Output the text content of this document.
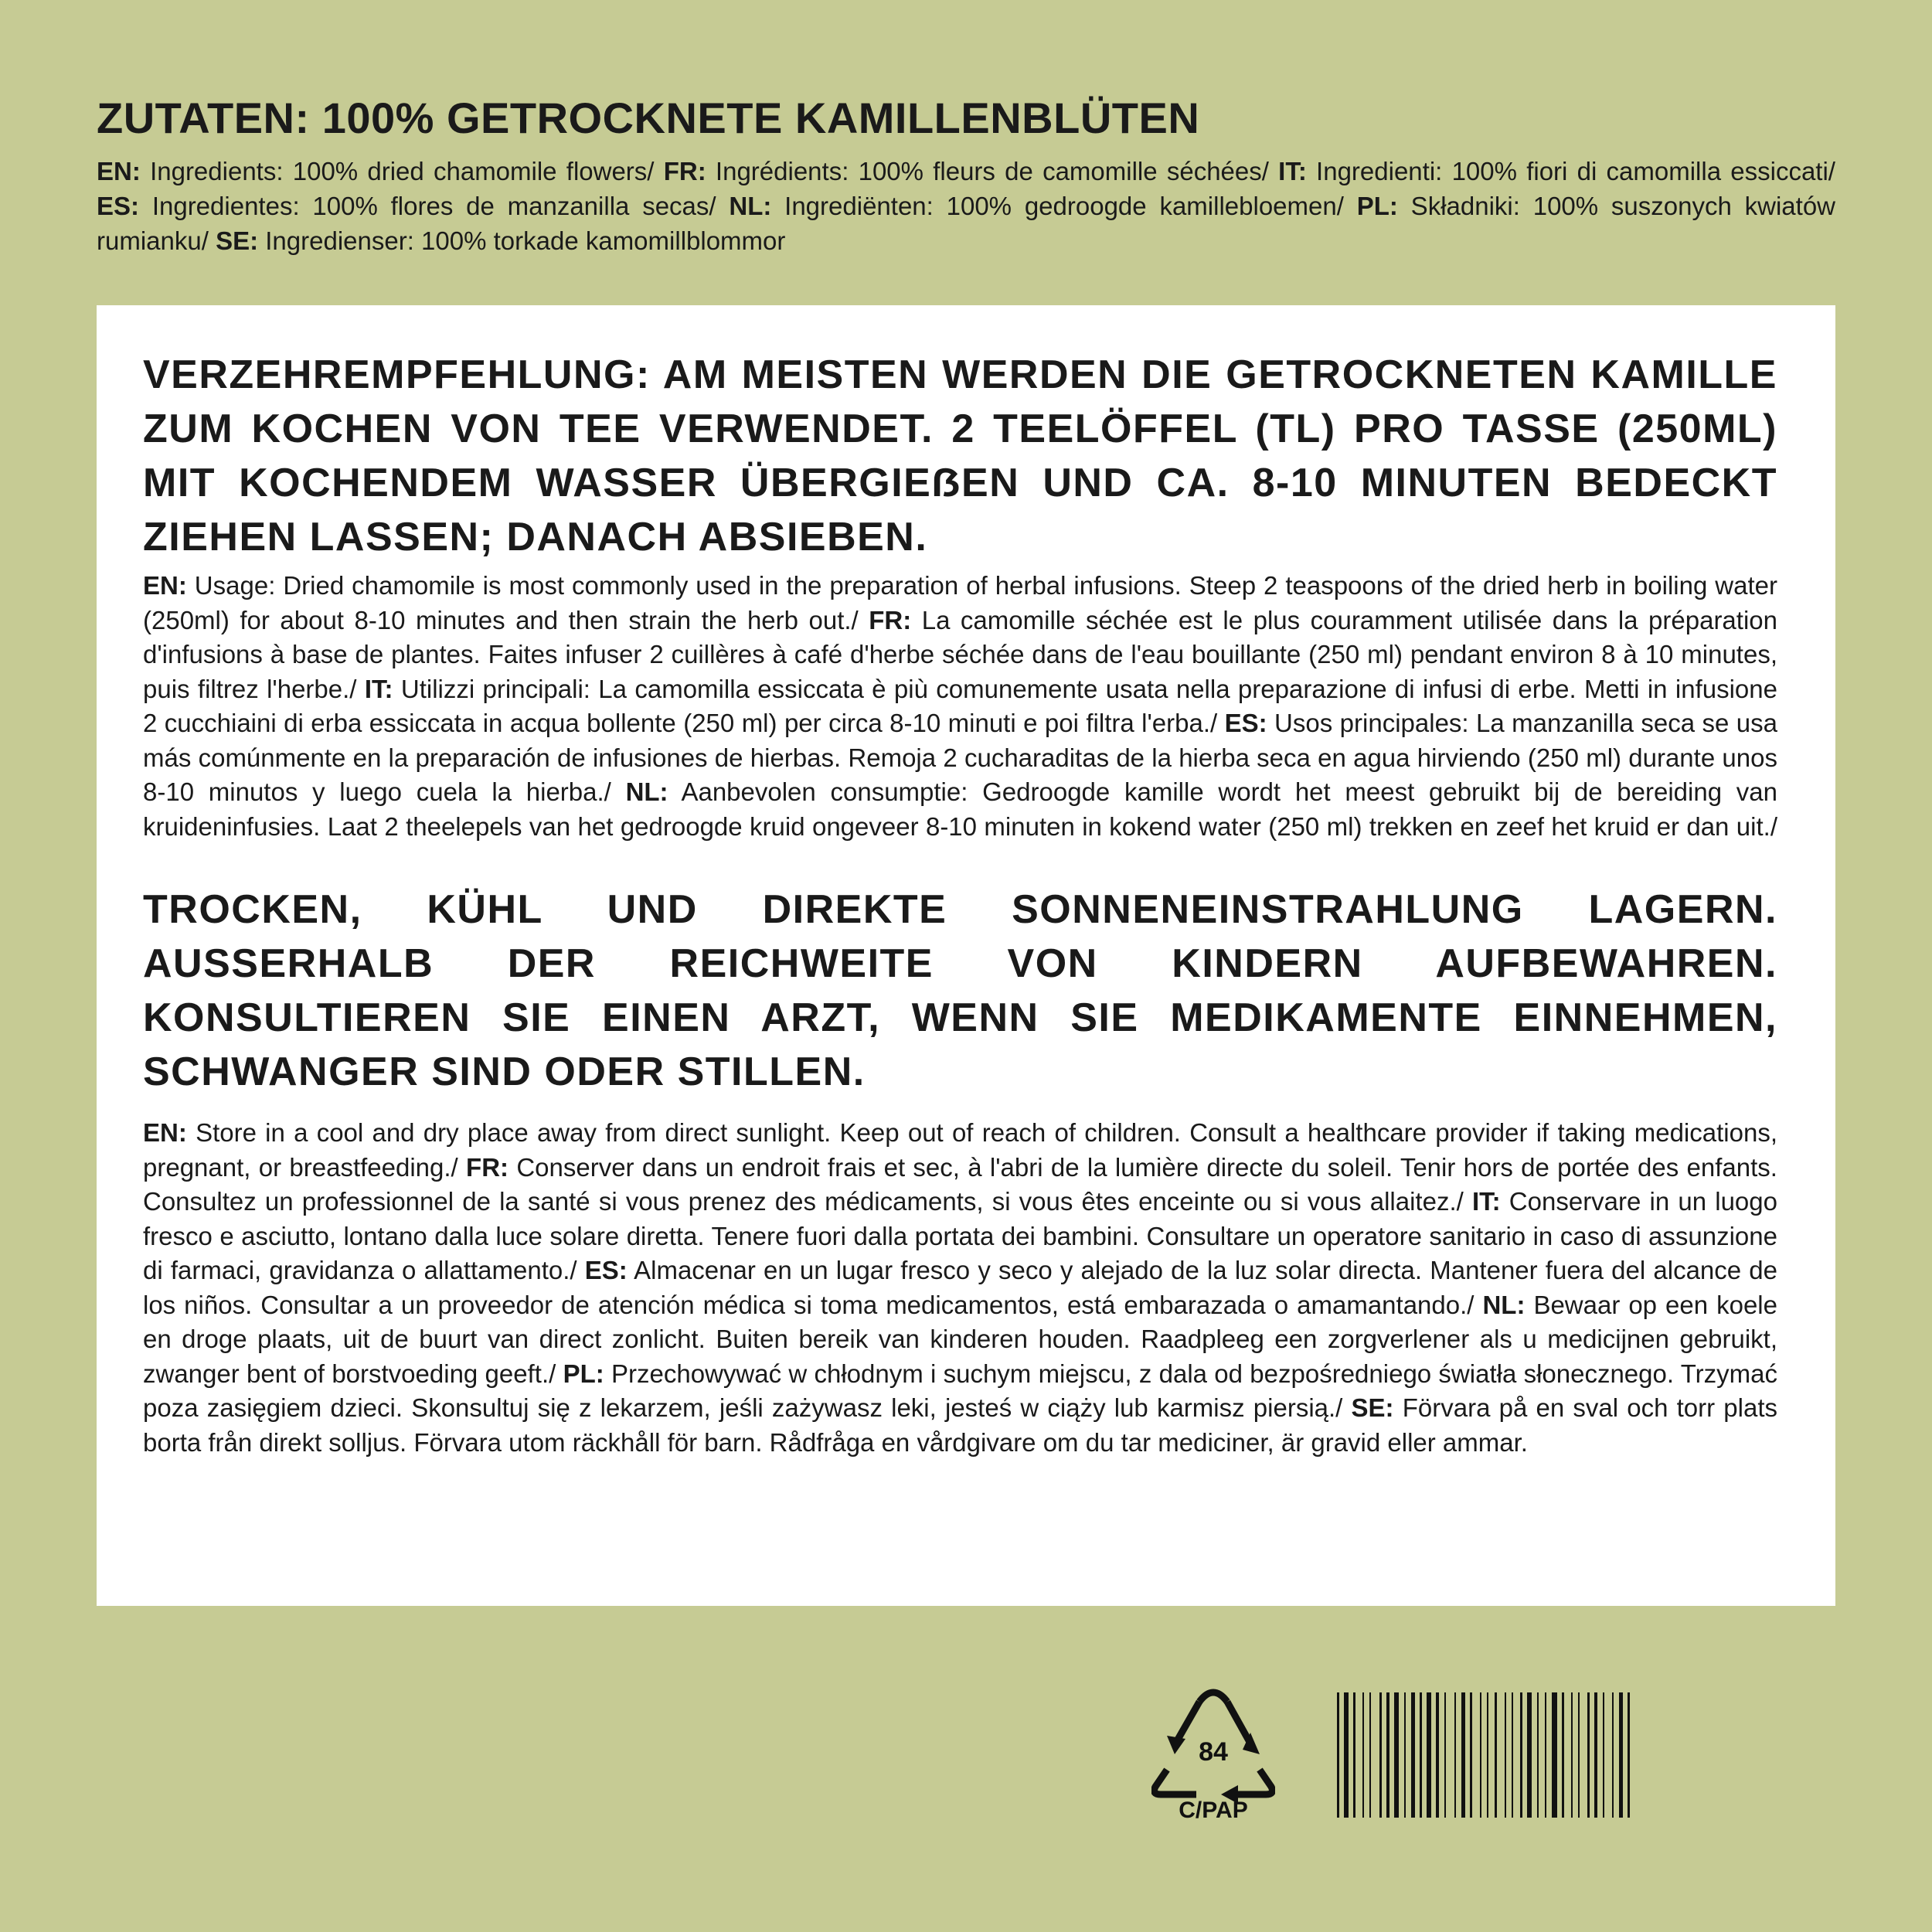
ZUTATEN: 100% GETROCKNETE KAMILLENBLÜTEN

EN: Ingredients: 100% dried chamomile flowers/ FR: Ingrédients: 100% fleurs de camomille séchées/ IT: Ingredienti: 100% fiori di camomilla essiccati/ ES: Ingredientes: 100% flores de manzanilla secas/ NL: Ingrediënten: 100% gedroogde kamillebloemen/ PL: Składniki: 100% suszonych kwiatów rumianku/ SE: Ingredienser: 100% torkade kamomillblommor

VERZEHREMPFEHLUNG: AM MEISTEN WERDEN DIE GETROCKNETEN KAMILLE ZUM KOCHEN VON TEE VERWENDET. 2 TEELÖFFEL (TL) PRO TASSE (250ML) MIT KOCHENDEM WASSER ÜBERGIEẞEN UND CA. 8-10 MINUTEN BEDECKT ZIEHEN LASSEN; DANACH ABSIEBEN.

EN: Usage: Dried chamomile is most commonly used in the preparation of herbal infusions. Steep 2 teaspoons of the dried herb in boiling water (250ml) for about 8-10 minutes and then strain the herb out./ FR: La camomille séchée est le plus couramment utilisée dans la préparation d'infusions à base de plantes. Faites infuser 2 cuillères à café d'herbe séchée dans de l'eau bouillante (250 ml) pendant environ 8 à 10 minutes, puis filtrez l'herbe./ IT: Utilizzi principali: La camomilla essiccata è più comunemente usata nella preparazione di infusi di erbe. Metti in infusione 2 cucchiaini di erba essiccata in acqua bollente (250 ml) per circa 8-10 minuti e poi filtra l'erba./ ES: Usos principales: La manzanilla seca se usa más comúnmente en la preparación de infusiones de hierbas. Remoja 2 cucharaditas de la hierba seca en agua hirviendo (250 ml) durante unos 8-10 minutos y luego cuela la hierba./ NL: Aanbevolen consumptie: Gedroogde kamille wordt het meest gebruikt bij de bereiding van kruideninfusies. Laat 2 theelepels van het gedroogde kruid ongeveer 8-10 minuten in kokend water (250 ml) trekken en zeef het kruid er dan uit./

TROCKEN, KÜHL UND DIREKTE SONNENEINSTRAHLUNG LAGERN. AUSSERHALB DER REICHWEITE VON KINDERN AUFBEWAHREN. KONSULTIEREN SIE EINEN ARZT, WENN SIE MEDIKAMENTE EINNEHMEN, SCHWANGER SIND ODER STILLEN.

EN: Store in a cool and dry place away from direct sunlight. Keep out of reach of children. Consult a healthcare provider if taking medications, pregnant, or breastfeeding./ FR: Conserver dans un endroit frais et sec, à l'abri de la lumière directe du soleil. Tenir hors de portée des enfants. Consultez un professionnel de la santé si vous prenez des médicaments, si vous êtes enceinte ou si vous allaitez./ IT: Conservare in un luogo fresco e asciutto, lontano dalla luce solare diretta. Tenere fuori dalla portata dei bambini. Consultare un operatore sanitario in caso di assunzione di farmaci, gravidanza o allattamento./ ES: Almacenar en un lugar fresco y seco y alejado de la luz solar directa. Mantener fuera del alcance de los niños. Consultar a un proveedor de atención médica si toma medicamentos, está embarazada o amamantando./ NL: Bewaar op een koele en droge plaats, uit de buurt van direct zonlicht. Buiten bereik van kinderen houden. Raadpleeg een zorgverlener als u medicijnen gebruikt, zwanger bent of borstvoeding geeft./ PL: Przechowywać w chłodnym i suchym miejscu, z dala od bezpośredniego światła słonecznego. Trzymać poza zasięgiem dzieci. Skonsultuj się z lekarzem, jeśli zażywasz leki, jesteś w ciąży lub karmisz piersią./ SE: Förvara på en sval och torr plats borta från direkt solljus. Förvara utom räckhåll för barn. Rådfråga en vårdgivare om du tar mediciner, är gravid eller ammar.

84
C/PAP
